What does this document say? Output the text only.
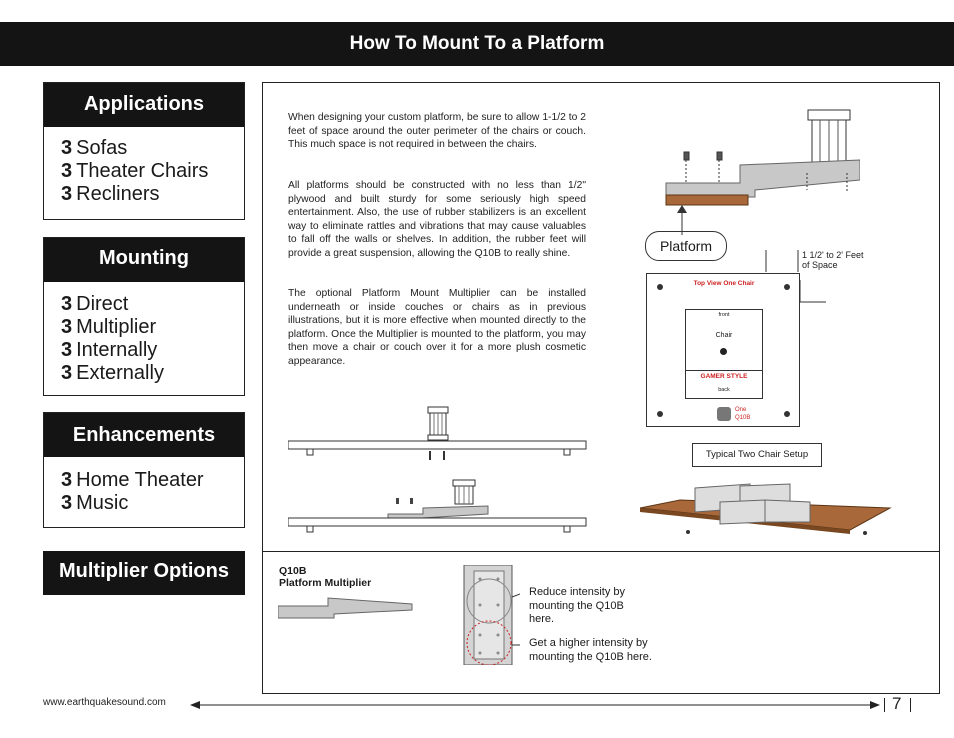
How To Mount To a Platform
Applications
3 Sofas
3 Theater Chairs
3 Recliners
Mounting
3 Direct
3 Multiplier
3 Internally
3 Externally
Enhancements
3 Home Theater
3 Music
Multiplier Options
When designing your custom platform, be sure to allow 1-1/2 to 2 feet of space around the outer perimeter of the chairs or couch. This much space is not required in between the chairs.
All platforms should be constructed with no less than 1/2" plywood and built sturdy for some seriously high speed entertainment. Also, the use of rubber stabilizers is an excellent way to eliminate rattles and vibrations that may cause valuables to fall off the walls or shelves. In addition, the rubber feet will provide a great suspension, allowing the Q10B to really shine.
The optional Platform Mount Multiplier can be installed underneath or inside couches or chairs as in previous illustrations, but it is more effective when mounted directly to the platform. Once the Multiplier is mounted to the platform, you may then move a chair or couch over it for a more plush cosmetic appearance.
Platform
1 1/2' to 2' Feet
of Space
Top View One Chair
front
Chair
GAMER STYLE
back
One
Q10B
Typical Two Chair Setup
Q10B
Platform Multiplier
Reduce intensity by mounting the Q10B here.
Get a higher intensity by mounting the Q10B here.
www.earthquakesound.com	7
